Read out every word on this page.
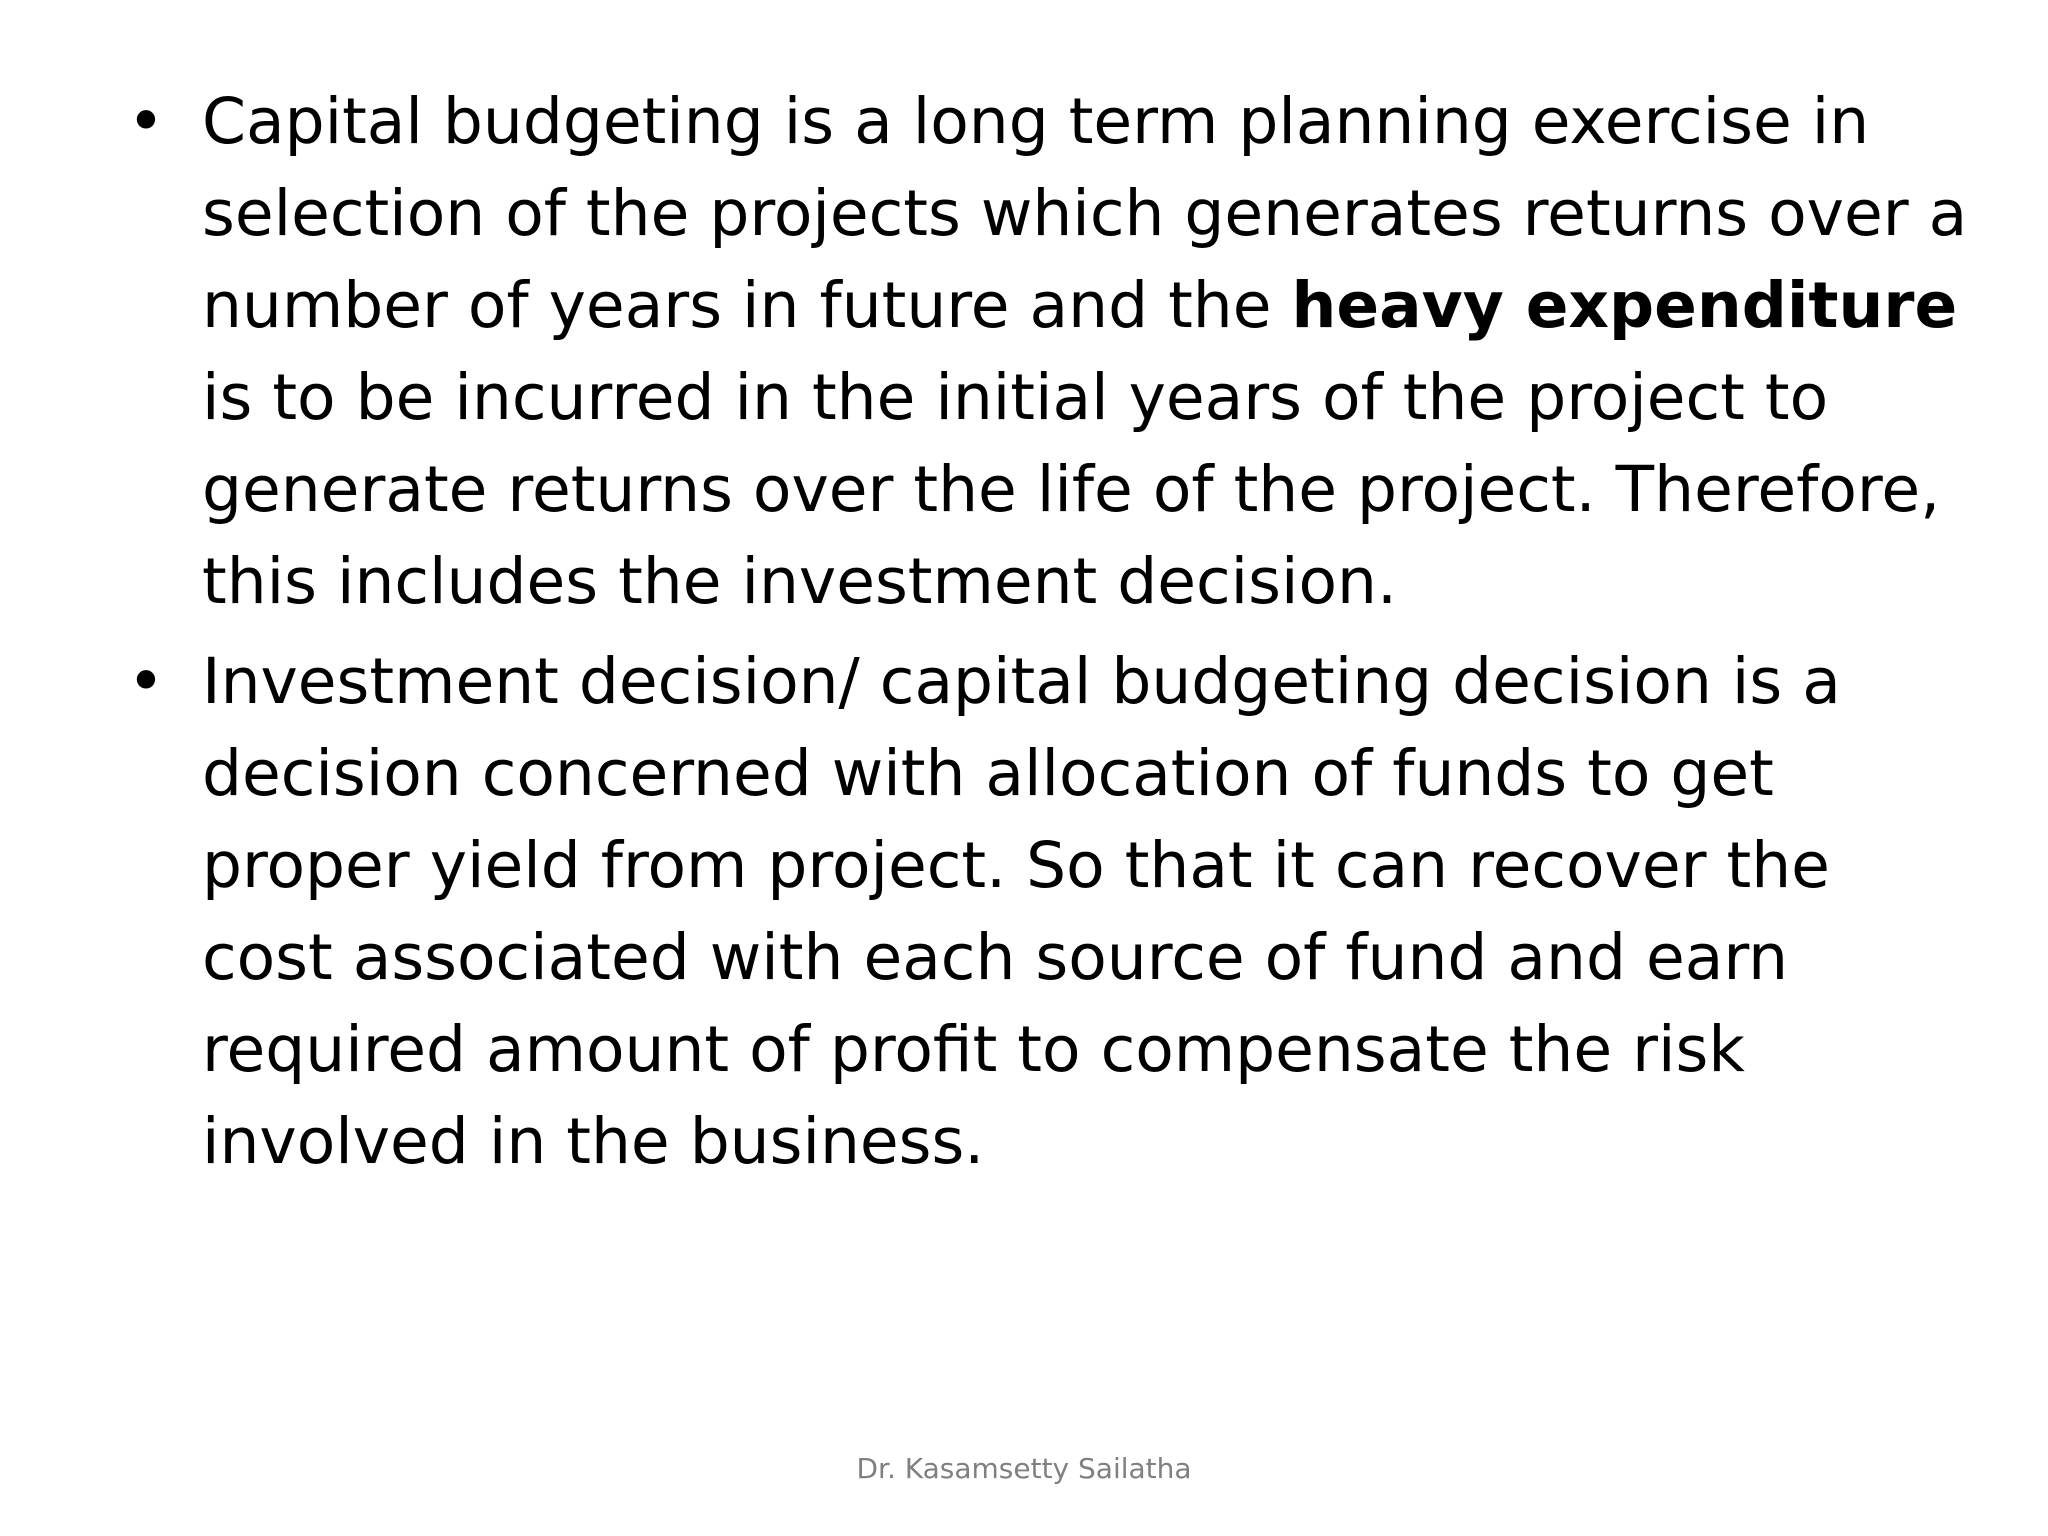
• Capital budgeting is a long term planning exercise in selection of the projects which generates returns over a number of years in future and the heavy expenditure is to be incurred in the initial years of the project to generate returns over the life of the project. Therefore, this includes the investment decision.
• Investment decision/ capital budgeting decision is a decision concerned with allocation of funds to get proper yield from project. So that it can recover the cost associated with each source of fund and earn required amount of profit to compensate the risk involved in the business.
Dr. Kasamsetty Sailatha
